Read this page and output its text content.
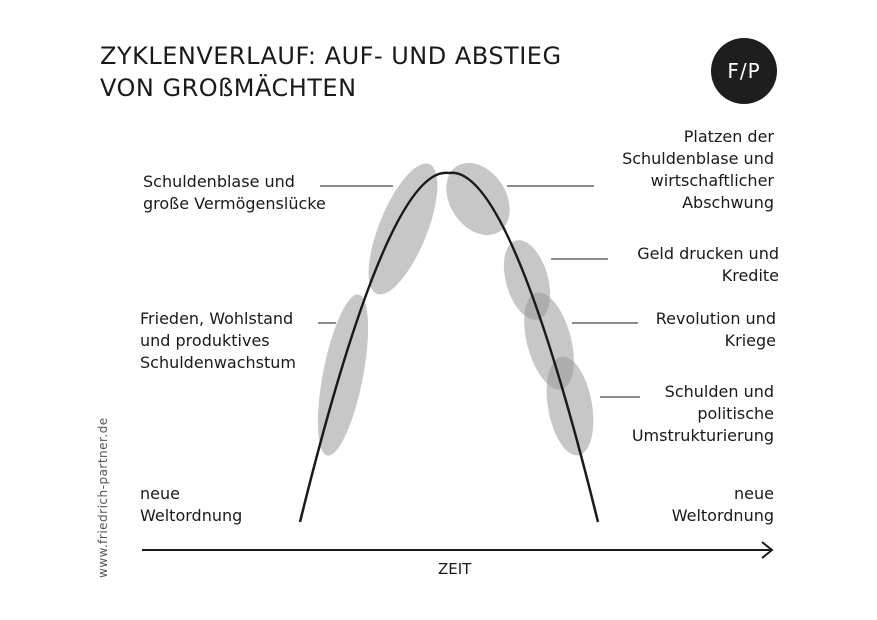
ZYKLENVERLAUF: AUF- UND ABSTIEG
VON GROßMÄCHTEN
F/P

neue
Weltordnung

Frieden, Wohlstand
und produktives
Schuldenwachstum

Schuldenblase und
große Vermögenslücke

Platzen der
Schuldenblase und
wirtschaftlicher
Abschwung

Geld drucken und
Kredite

Revolution und
Kriege

Schulden und
politische
Umstrukturierung

neue
Weltordnung

ZEIT
www.friedrich-partner.de
